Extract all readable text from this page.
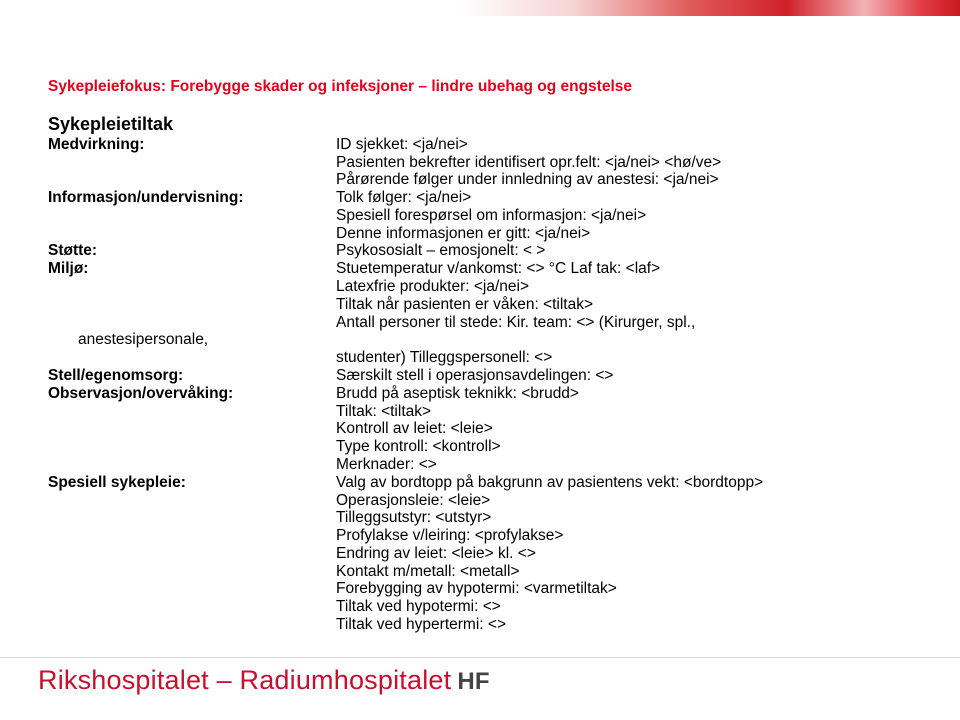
Sykepleiefokus: Forebygge skader og infeksjoner – lindre ubehag og engstelse
Sykepleietiltak
Medvirkning:
Informasjon/undervisning:
Støtte:
Miljø:
Stell/egenomsorg:
Observasjon/overvåking:
Spesiell sykepleie:
ID sjekket: <ja/nei>
Pasienten bekrefter identifisert opr.felt: <ja/nei> <hø/ve>
Pårørende følger under innledning av anestesi: <ja/nei>
Tolk følger: <ja/nei>
Spesiell forespørsel om informasjon: <ja/nei>
Denne informasjonen er gitt: <ja/nei>
Psykososialt – emosjonelt: < >
Stuetemperatur v/ankomst: <> °C Laf tak: <laf>
Latexfrie produkter: <ja/nei>
Tiltak når pasienten er våken: <tiltak>
Antall personer til stede: Kir. team: <> (Kirurger, spl.,
anestesipersonale,
studenter) Tilleggspersonell: <>
Særskilt stell i operasjonsavdelingen: <>
Brudd på aseptisk teknikk: <brudd>
Tiltak: <tiltak>
Kontroll av leiet: <leie>
Type kontroll: <kontroll>
Merknader: <>
Valg av bordtopp på bakgrunn av pasientens vekt: <bordtopp>
Operasjonsleie: <leie>
Tilleggsutstyr: <utstyr>
Profylakse v/leiring: <profylakse>
Endring av leiet: <leie> kl. <>
Kontakt m/metall: <metall>
Forebygging av hypotermi: <varmetiltak>
Tiltak ved hypotermi: <>
Tiltak ved hypertermi: <>
Rikshospitalet – Radiumhospitalet HF
